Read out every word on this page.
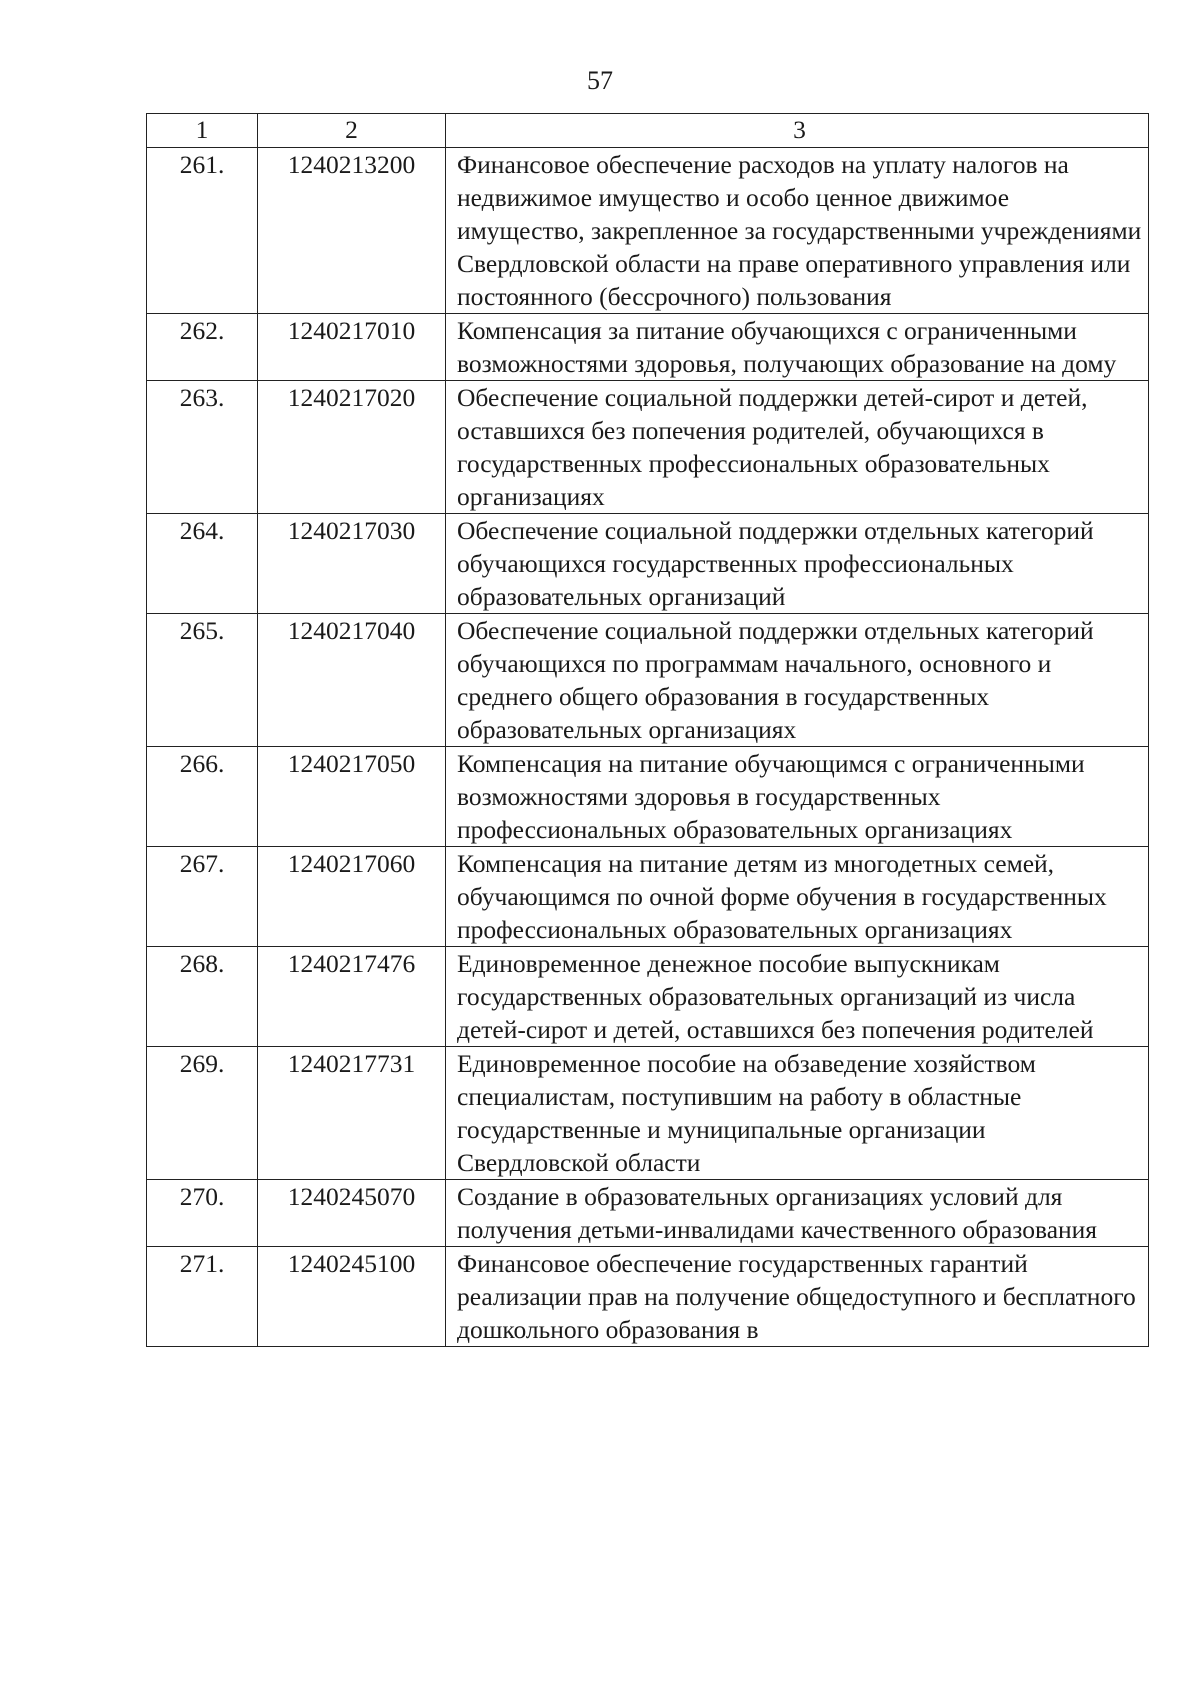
57
1	2	3
261.	1240213200	Финансовое обеспечение расходов на уплату налогов на недвижимое имущество и особо ценное движимое имущество, закрепленное за государственными учреждениями Свердловской области на праве оперативного управления или постоянного (бессрочного) пользования
262.	1240217010	Компенсация за питание обучающихся с ограниченными возможностями здоровья, получающих образование на дому
263.	1240217020	Обеспечение социальной поддержки детей-сирот и детей, оставшихся без попечения родителей, обучающихся в государственных профессиональных образовательных организациях
264.	1240217030	Обеспечение социальной поддержки отдельных категорий обучающихся государственных профессиональных образовательных организаций
265.	1240217040	Обеспечение социальной поддержки отдельных категорий обучающихся по программам начального, основного и среднего общего образования в государственных образовательных организациях
266.	1240217050	Компенсация на питание обучающимся с ограниченными возможностями здоровья в государственных профессиональных образовательных организациях
267.	1240217060	Компенсация на питание детям из многодетных семей, обучающимся по очной форме обучения в государственных профессиональных образовательных организациях
268.	1240217476	Единовременное денежное пособие выпускникам государственных образовательных организаций из числа детей-сирот и детей, оставшихся без попечения родителей
269.	1240217731	Единовременное пособие на обзаведение хозяйством специалистам, поступившим на работу в областные государственные и муниципальные организации Свердловской области
270.	1240245070	Создание в образовательных организациях условий для получения детьми-инвалидами качественного образования
271.	1240245100	Финансовое обеспечение государственных гарантий реализации прав на получение общедоступного и бесплатного дошкольного образования в
